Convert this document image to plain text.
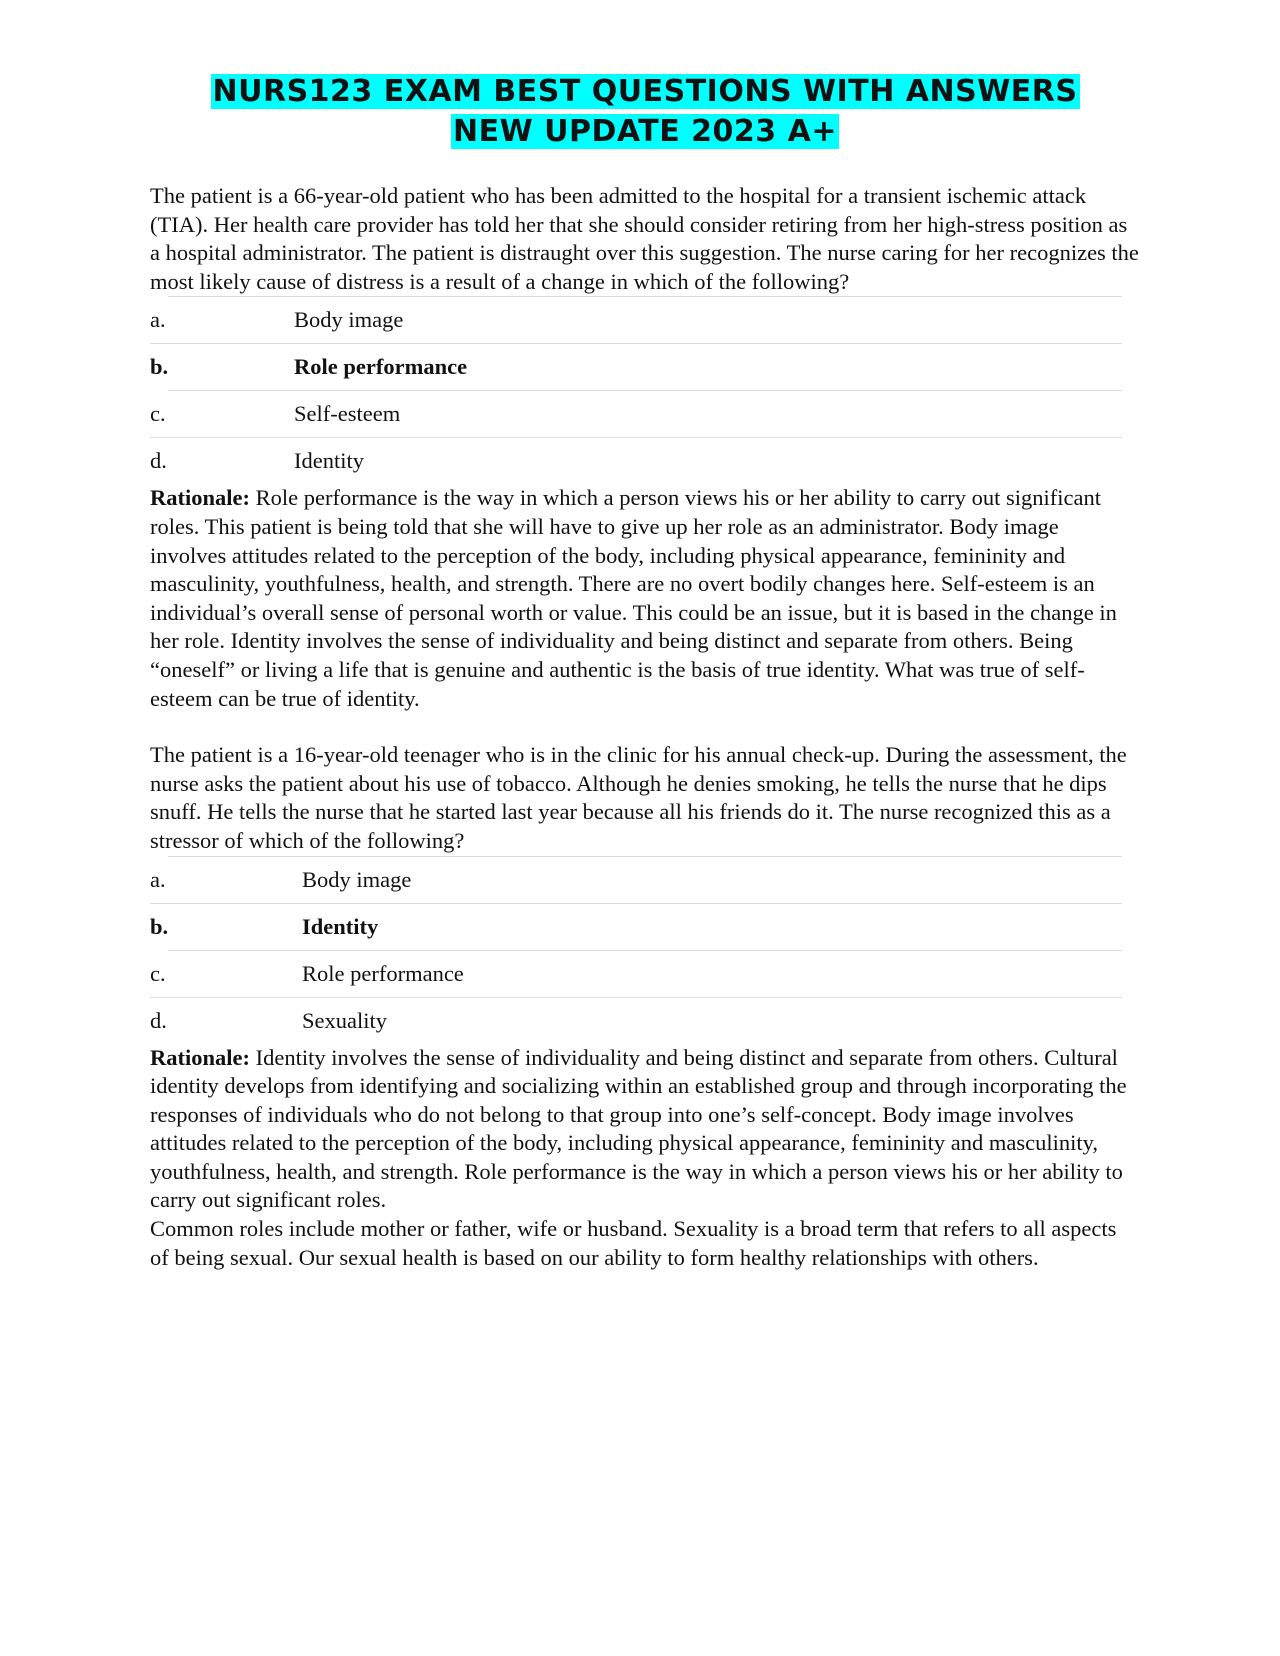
NURS123 EXAM BEST QUESTIONS WITH ANSWERS
NEW UPDATE 2023 A+

The patient is a 66-year-old patient who has been admitted to the hospital for a transient ischemic attack (TIA). Her health care provider has told her that she should consider retiring from her high-stress position as a hospital administrator. The patient is distraught over this suggestion. The nurse caring for her recognizes the most likely cause of distress is a result of a change in which of the following?

a.	Body image
b.	Role performance
c.	Self-esteem
d.	Identity

Rationale: Role performance is the way in which a person views his or her ability to carry out significant roles. This patient is being told that she will have to give up her role as an administrator. Body image involves attitudes related to the perception of the body, including physical appearance, femininity and masculinity, youthfulness, health, and strength. There are no overt bodily changes here. Self-esteem is an individual’s overall sense of personal worth or value. This could be an issue, but it is based in the change in her role. Identity involves the sense of individuality and being distinct and separate from others. Being “oneself” or living a life that is genuine and authentic is the basis of true identity. What was true of self-esteem can be true of identity.

The patient is a 16-year-old teenager who is in the clinic for his annual check-up. During the assessment, the nurse asks the patient about his use of tobacco. Although he denies smoking, he tells the nurse that he dips snuff. He tells the nurse that he started last year because all his friends do it. The nurse recognized this as a stressor of which of the following?

a.	Body image
b.	Identity
c.	Role performance
d.	Sexuality

Rationale: Identity involves the sense of individuality and being distinct and separate from others. Cultural identity develops from identifying and socializing within an established group and through incorporating the responses of individuals who do not belong to that group into one’s self-concept. Body image involves attitudes related to the perception of the body, including physical appearance, femininity and masculinity, youthfulness, health, and strength. Role performance is the way in which a person views his or her ability to carry out significant roles.

Common roles include mother or father, wife or husband. Sexuality is a broad term that refers to all aspects of being sexual. Our sexual health is based on our ability to form healthy relationships with others.
